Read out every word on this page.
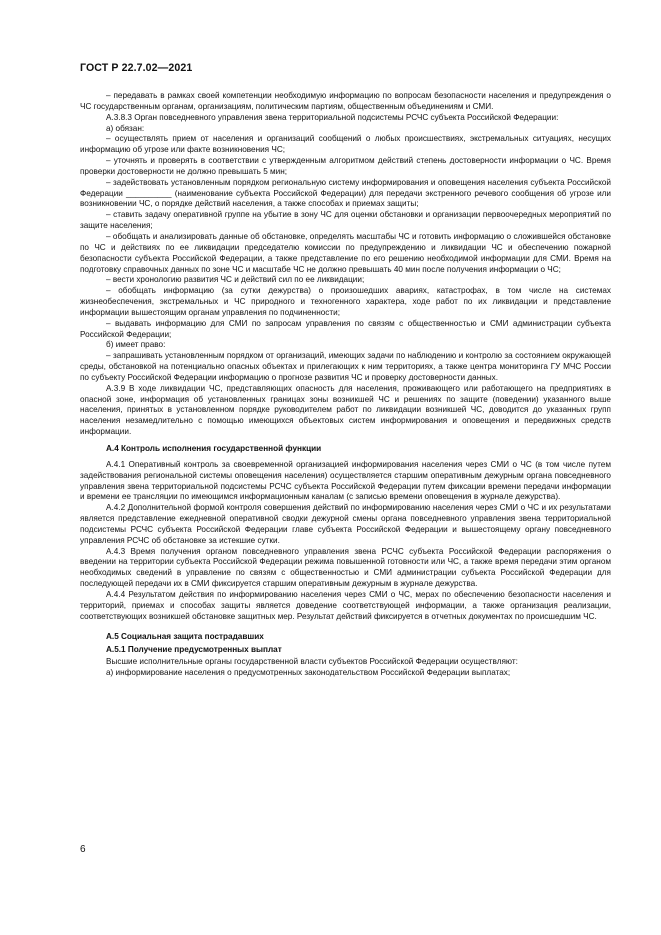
ГОСТ Р 22.7.02—2021

– передавать в рамках своей компетенции необходимую информацию по вопросам безопасности населения и предупреждения о ЧС государственным органам, организациям, политическим партиям, общественным объединениям и СМИ.

А.3.8.3 Орган повседневного управления звена территориальной подсистемы РСЧС субъекта Российской Федерации:

а) обязан:

– осуществлять прием от населения и организаций сообщений о любых происшествиях, экстремальных ситуациях, несущих информацию об угрозе или факте возникновения ЧС;

– уточнять и проверять в соответствии с утвержденным алгоритмом действий степень достоверности информации о ЧС. Время проверки достоверности не должно превышать 5 мин;

– задействовать установленным порядком региональную систему информирования и оповещения населения субъекта Российской Федерации __________ (наименование субъекта Российской Федерации) для передачи экстренного речевого сообщения об угрозе или возникновении ЧС, о порядке действий населения, а также способах и приемах защиты;

– ставить задачу оперативной группе на убытие в зону ЧС для оценки обстановки и организации первоочередных мероприятий по защите населения;

– обобщать и анализировать данные об обстановке, определять масштабы ЧС и готовить информацию о сложившейся обстановке по ЧС и действиях по ее ликвидации председателю комиссии по предупреждению и ликвидации ЧС и обеспечению пожарной безопасности субъекта Российской Федерации, а также представление по его решению необходимой информации для СМИ. Время на подготовку справочных данных по зоне ЧС и масштабе ЧС не должно превышать 40 мин после получения информации о ЧС;

– вести хронологию развития ЧС и действий сил по ее ликвидации;

– обобщать информацию (за сутки дежурства) о произошедших авариях, катастрофах, в том числе на системах жизнеобеспечения, экстремальных и ЧС природного и техногенного характера, ходе работ по их ликвидации и представление информации вышестоящим органам управления по подчиненности;

– выдавать информацию для СМИ по запросам управления по связям с общественностью и СМИ администрации субъекта Российской Федерации;

б) имеет право:

– запрашивать установленным порядком от организаций, имеющих задачи по наблюдению и контролю за состоянием окружающей среды, обстановкой на потенциально опасных объектах и прилегающих к ним территориях, а также центра мониторинга ГУ МЧС России по субъекту Российской Федерации информацию о прогнозе развития ЧС и проверку достоверности данных.

А.3.9 В ходе ликвидации ЧС, представляющих опасность для населения, проживающего или работающего на предприятиях в опасной зоне, информация об установленных границах зоны возникшей ЧС и решениях по защите (поведении) указанного выше населения, принятых в установленном порядке руководителем работ по ликвидации возникшей ЧС, доводится до указанных групп населения незамедлительно с помощью имеющихся объектовых систем информирования и оповещения и передвижных средств информации.

А.4 Контроль исполнения государственной функции

А.4.1 Оперативный контроль за своевременной организацией информирования населения через СМИ о ЧС (в том числе путем задействования региональной системы оповещения населения) осуществляется старшим оперативным дежурным органа повседневного управления звена территориальной подсистемы РСЧС субъекта Российской Федерации путем фиксации времени передачи информации и времени ее трансляции по имеющимся информационным каналам (с записью времени оповещения в журнале дежурства).

А.4.2 Дополнительной формой контроля совершения действий по информированию населения через СМИ о ЧС и их результатами является представление ежедневной оперативной сводки дежурной смены органа повседневного управления звена территориальной подсистемы РСЧС субъекта Российской Федерации главе субъекта Российской Федерации и вышестоящему органу повседневного управления РСЧС об обстановке за истекшие сутки.

А.4.3 Время получения органом повседневного управления звена РСЧС субъекта Российской Федерации распоряжения о введении на территории субъекта Российской Федерации режима повышенной готовности или ЧС, а также время передачи этим органом необходимых сведений в управление по связям с общественностью и СМИ администрации субъекта Российской Федерации для последующей передачи их в СМИ фиксируется старшим оперативным дежурным в журнале дежурства.

А.4.4 Результатом действия по информированию населения через СМИ о ЧС, мерах по обеспечению безопасности населения и территорий, приемах и способах защиты является доведение соответствующей информации, а также организация реализации, соответствующих возникшей обстановке защитных мер. Результат действий фиксируется в отчетных документах по происшедшим ЧС.

А.5 Социальная защита пострадавших
А.5.1 Получение предусмотренных выплат

Высшие исполнительные органы государственной власти субъектов Российской Федерации осуществляют:

а) информирование населения о предусмотренных законодательством Российской Федерации выплатах;

6
